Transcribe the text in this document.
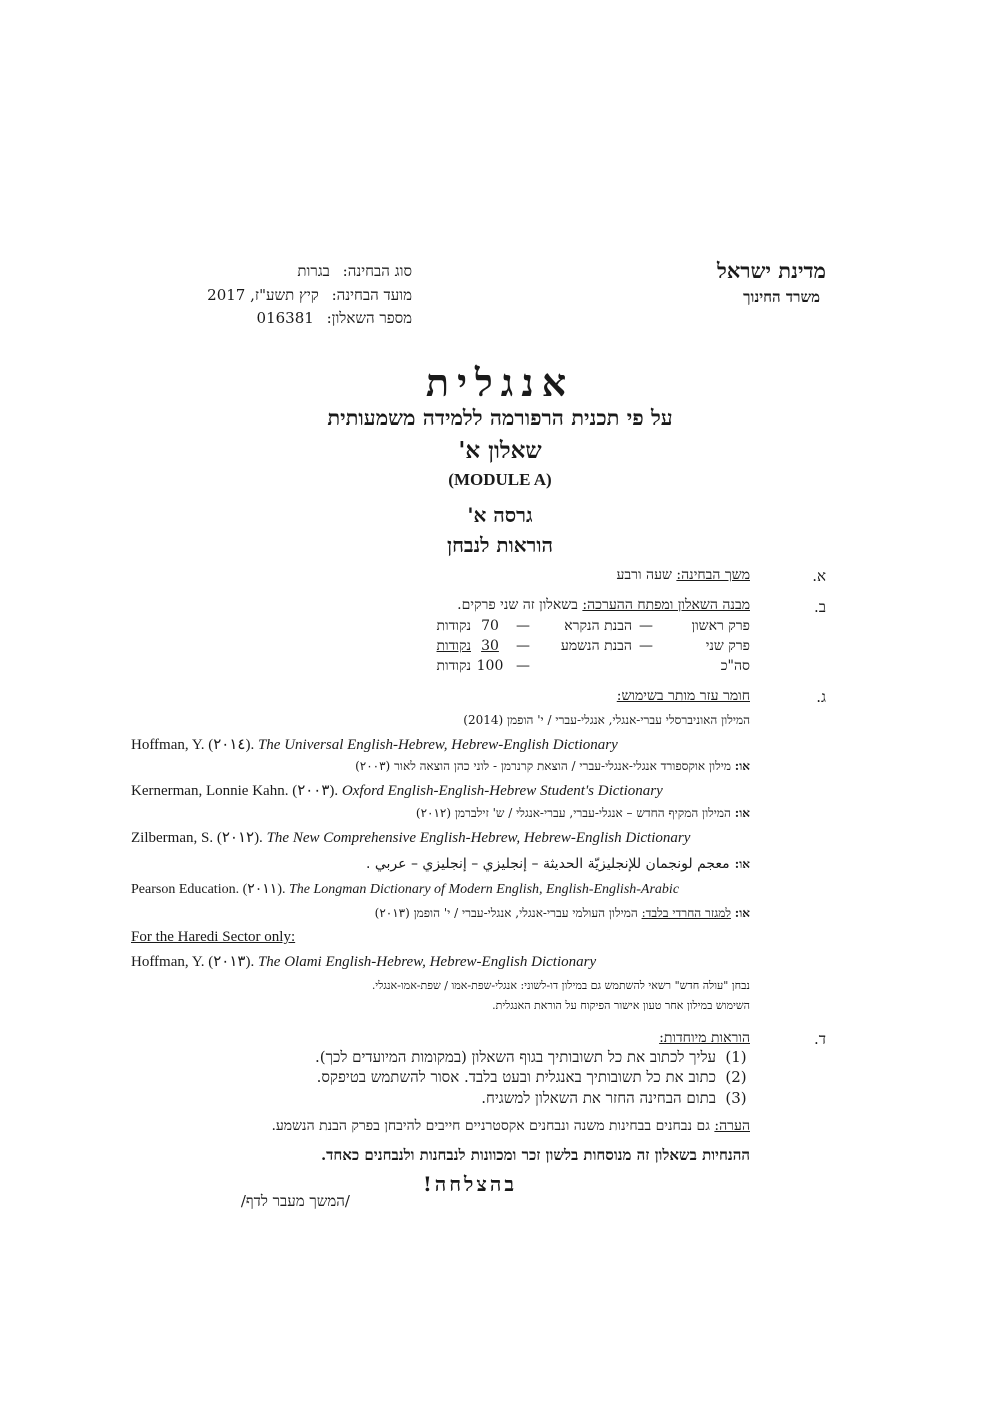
מדינת ישראל
משרד החינוך
סוג הבחינה: בגרות
מועד הבחינה: קיץ תשע"ז, 2017
מספר השאלון: 016381
אנגלית
על פי תכנית הרפורמה ללמידה משמעותית
שאלון א'
(MODULE A)
גרסה א'
הוראות לנבחן
א.
משך הבחינה: שעה ורבע
ב.
מבנה השאלון ומפתח ההערכה: בשאלון זה שני פרקים.
פרק ראשון
—
הבנת הנקרא
—
70
נקודות
פרק שני
—
הבנת הנשמע
—
30
נקודות
סה"כ
—
100
נקודות
ג.
חומר עזר מותר בשימוש:
המילון האוניברסלי עברי-אנגלי, אנגלי-עברי / י' הופמן (2014)
Hoffman, Y. (٢٠١٤). The Universal English-Hebrew, Hebrew-English Dictionary
או: מילון אוקספורד אנגלי-אנגלי-עברי / הוצאת קרנרמן - לוני כהן הוצאה לאור (٢٠٠٣)
Kernerman, Lonnie Kahn. (٢٠٠٣). Oxford English-English-Hebrew Student's Dictionary
או: המילון המקיף החדש – אנגלי-עברי, עברי-אנגלי / ש' זילברמן (٢٠١٢)
Zilberman, S. (٢٠١٢). The New Comprehensive English-Hebrew, Hebrew-English Dictionary
או: معجم لونجمان للإنجليزيّة الحديثة – إنجليزي – إنجليزي – عربي .
Pearson Education. (٢٠١١). The Longman Dictionary of Modern English, English-English-Arabic
או: למגזר החרדי בלבד: המילון העולמי עברי-אנגלי, אנגלי-עברי / י' הופמן (٢٠١٣)
For the Haredi Sector only:
Hoffman, Y. (٢٠١٣). The Olami English-Hebrew, Hebrew-English Dictionary
נבחן "עולה חדש" רשאי להשתמש גם במילון דו-לשוני: אנגלי-שפת-אמו / שפת-אמו-אנגלי.
השימוש במילון אחר טעון אישור הפיקוח על הוראת האנגלית.
ד.
הוראות מיוחדות:
(1)
עליך לכתוב את כל תשובותיך בגוף השאלון (במקומות המיועדים לכך).
(2)
כתוב את כל תשובותיך באנגלית ובעט בלבד. אסור להשתמש בטיפקס.
(3)
בתום הבחינה החזר את השאלון למשגיח.
הערה: גם נבחנים בבחינות משנה ונבחנים אקסטרניים חייבים להיבחן בפרק הבנת הנשמע.
ההנחיות בשאלון זה מנוסחות בלשון זכר ומכוונות לנבחנות ולנבחנים כאחד.
בהצלחה!
/המשך מעבר לדף/
